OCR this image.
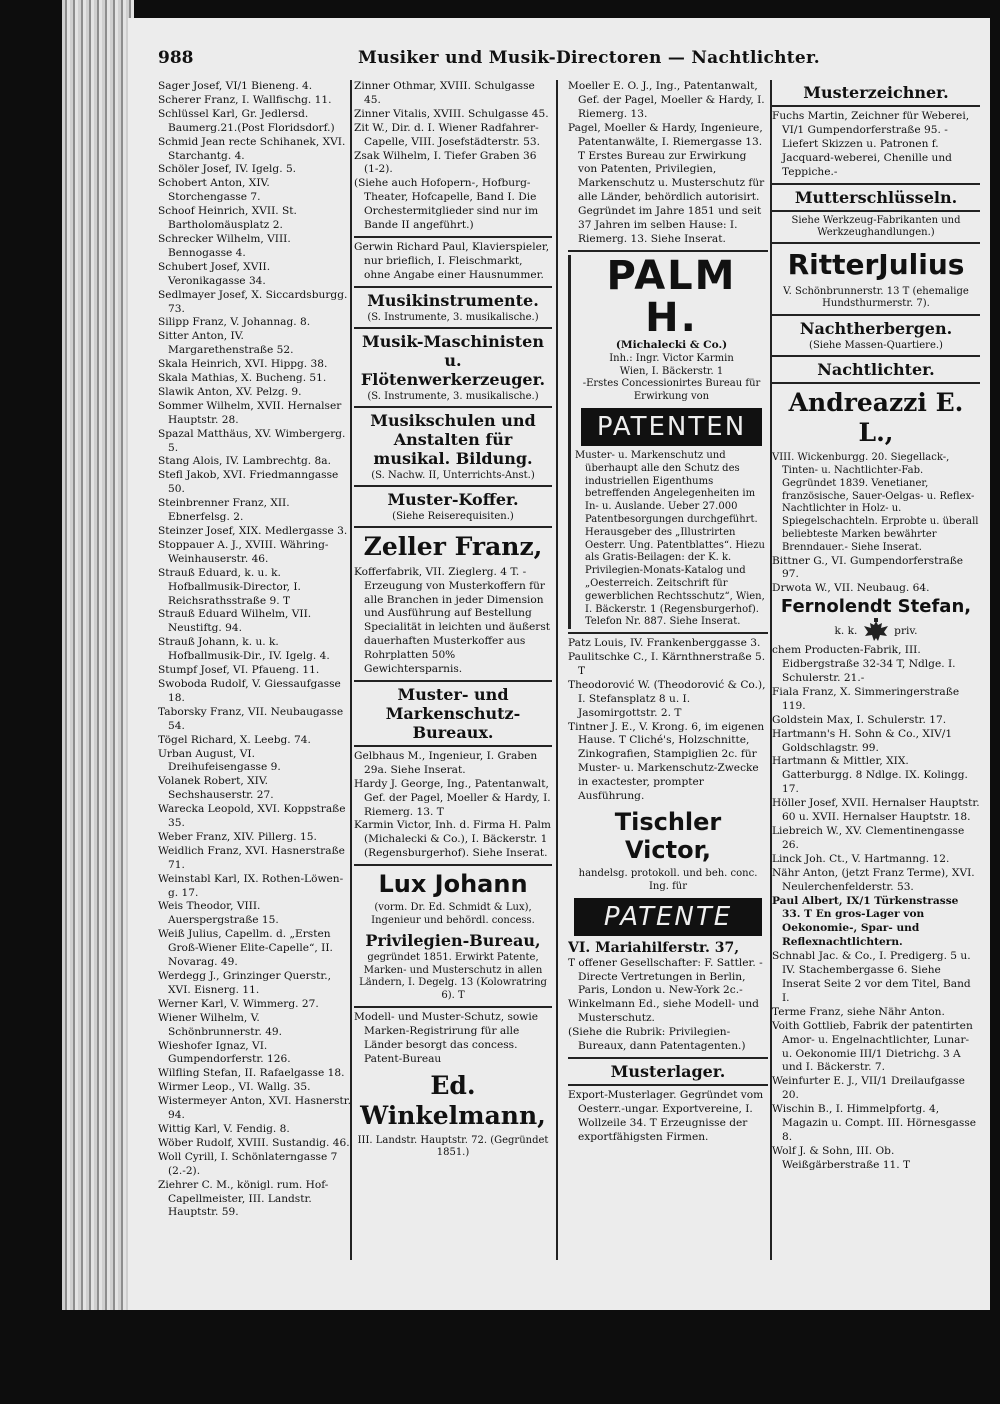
988	Musiker und Musik-Directoren — Nachtlichter.
Sager Josef, VI/1 Bieneng. 4.
Scherer Franz, I. Wallfischg. 11.
Schlüssel Karl, Gr. Jedlersd. Baumerg.21.(Post Floridsdorf.)
Schmid Jean recte Schihanek, XVI. Starchantg. 4.
Schöler Josef, IV. Igelg. 5.
Schobert Anton, XIV. Storchengasse 7.
Schoof Heinrich, XVII. St. Bartholomäusplatz 2.
Schrecker Wilhelm, VIII. Bennogasse 4.
Schubert Josef, XVII. Veronikagasse 34.
Sedlmayer Josef, X. Siccardsburgg. 73.
Silipp Franz, V. Johannag. 8.
Sitter Anton, IV. Margarethenstraße 52.
Skala Heinrich, XVI. Hippg. 38.
Skala Mathias, X. Bucheng. 51.
Slawik Anton, XV. Pelzg. 9.
Sommer Wilhelm, XVII. Hernalser Hauptstr. 28.
Spazal Matthäus, XV. Wimbergerg. 5.
Stang Alois, IV. Lambrechtg. 8a.
Stefl Jakob, XVI. Friedmanngasse 50.
Steinbrenner Franz, XII. Ebnerfelsg. 2.
Steinzer Josef, XIX. Medlergasse 3.
Stoppauer A. J., XVIII. Währing-Weinhauserstr. 46.
Strauß Eduard, k. u. k. Hofballmusik-Director, I. Reichsrathsstraße 9. T
Strauß Eduard Wilhelm, VII. Neustiftg. 94.
Strauß Johann, k. u. k. Hofballmusik-Dir., IV. Igelg. 4.
Stumpf Josef, VI. Pfaueng. 11.
Swoboda Rudolf, V. Giessaufgasse 18.
Taborsky Franz, VII. Neubaugasse 54.
Tögel Richard, X. Leebg. 74.
Urban August, VI. Dreihufeisengasse 9.
Volanek Robert, XIV. Sechshauserstr. 27.
Warecka Leopold, XVI. Koppstraße 35.
Weber Franz, XIV. Pillerg. 15.
Weidlich Franz, XVI. Hasnerstraße 71.
Weinstabl Karl, IX. Rothen-Löwen-g. 17.
Weis Theodor, VIII. Auerspergstraße 15.
Weiß Julius, Capellm. d. „Ersten Groß-Wiener Elite-Capelle“, II. Novarag. 49.
Werdegg J., Grinzinger Querstr., XVI. Eisnerg. 11.
Werner Karl, V. Wimmerg. 27.
Wiener Wilhelm, V. Schönbrunnerstr. 49.
Wieshofer Ignaz, VI. Gumpendorferstr. 126.
Wilfling Stefan, II. Rafaelgasse 18.
Wirmer Leop., VI. Wallg. 35.
Wistermeyer Anton, XVI. Hasnerstr. 94.
Wittig Karl, V. Fendig. 8.
Wöber Rudolf, XVIII. Sustandig. 46.
Woll Cyrill, I. Schönlaterngasse 7 (2.-2).
Ziehrer C. M., königl. rum. Hof-Capellmeister, III. Landstr. Hauptstr. 59.
Zinner Othmar, XVIII. Schulgasse 45.
Zinner Vitalis, XVIII. Schulgasse 45.
Zit W., Dir. d. I. Wiener Radfahrer-Capelle, VIII. Josefstädterstr. 53.
Zsak Wilhelm, I. Tiefer Graben 36 (1-2).
(Siehe auch Hofopern-, Hofburg-Theater, Hofcapelle, Band I. Die Orchestermitglieder sind nur im Bande II angeführt.)
Gerwin Richard Paul, Klavierspieler, nur brieflich, I. Fleischmarkt, ohne Angabe einer Hausnummer.
Musikinstrumente.
(S. Instrumente, 3. musikalische.)
Musik-Maschinisten u. Flötenwerkerzeuger.
(S. Instrumente, 3. musikalische.)
Musikschulen und Anstalten für musikal. Bildung.
(S. Nachw. II, Unterrichts-Anst.)
Muster-Koffer.
(Siehe Reiserequisiten.)
Zeller Franz,
Kofferfabrik, VII. Zieglerg. 4 T. -Erzeugung von Musterkoffern für alle Branchen in jeder Dimension und Ausführung auf Bestellung Specialität in leichten und äußerst dauerhaften Musterkoffer aus Rohrplatten 50% Gewichtersparnis.
Muster- und Markenschutz-Bureaux.
Gelbhaus M., Ingenieur, I. Graben 29a. Siehe Inserat.
Hardy J. George, Ing., Patentanwalt, Gef. der Pagel, Moeller & Hardy, I. Riemerg. 13. T
Karmin Victor, Inh. d. Firma H. Palm (Michalecki & Co.), I. Bäckerstr. 1 (Regensburgerhof). Siehe Inserat.
Lux Johann
(vorm. Dr. Ed. Schmidt & Lux), Ingenieur und behördl. concess.
Privilegien-Bureau,
gegründet 1851. Erwirkt Patente, Marken- und Musterschutz in allen Ländern, I. Degelg. 13 (Kolowratring 6). T
Modell- und Muster-Schutz, sowie Marken-Registrirung für alle Länder besorgt das concess. Patent-Bureau
Ed. Winkelmann,
III. Landstr. Hauptstr. 72. (Gegründet 1851.)
Moeller E. O. J., Ing., Patentanwalt, Gef. der Pagel, Moeller & Hardy, I. Riemerg. 13.
Pagel, Moeller & Hardy, Ingenieure, Patentanwälte, I. Riemergasse 13. T Erstes Bureau zur Erwirkung von Patenten, Privilegien, Markenschutz u. Musterschutz für alle Länder, behördlich autorisirt. Gegründet im Jahre 1851 und seit 37 Jahren im selben Hause: I. Riemerg. 13. Siehe Inserat.
PALM H.
(Michalecki & Co.)
Inh.: Ingr. Victor Karmin
Wien, I. Bäckerstr. 1
-Erstes Concessionirtes Bureau für Erwirkung von
PATENTEN
Muster- u. Markenschutz und überhaupt alle den Schutz des industriellen Eigenthums betreffenden Angelegenheiten im In- u. Auslande. Ueber 27.000 Patentbesorgungen durchgeführt. Herausgeber des „Illustrirten Oesterr. Ung. Patentblattes“. Hiezu als Gratis-Beilagen: der K. k. Privilegien-Monats-Katalog und „Oesterreich. Zeitschrift für gewerblichen Rechtsschutz“, Wien, I. Bäckerstr. 1 (Regensburgerhof). Telefon Nr. 887. Siehe Inserat.
Patz Louis, IV. Frankenberggasse 3.
Paulitschke C., I. Kärnthnerstraße 5. T
Theodorović W. (Theodorović & Co.), I. Stefansplatz 8 u. I. Jasomirgottstr. 2. T
Tintner J. E., V. Krong. 6, im eigenen Hause. T Cliché's, Holzschnitte, Zinkografien, Stampiglien 2c. für Muster- u. Markenschutz-Zwecke in exactester, prompter Ausführung.
Tischler Victor,
handelsg. protokoll. und beh. conc. Ing. für
PATENTE
VI. Mariahilferstr. 37,
T offener Gesellschafter: F. Sattler. -Directe Vertretungen in Berlin, Paris, London u. New-York 2c.-
Winkelmann Ed., siehe Modell- und Musterschutz.
(Siehe die Rubrik: Privilegien-Bureaux, dann Patentagenten.)
Musterlager.
Export-Musterlager. Gegründet vom Oesterr.-ungar. Exportvereine, I. Wollzeile 34. T Erzeugnisse der exportfähigsten Firmen.
Musterzeichner.
Fuchs Martin, Zeichner für Weberei, VI/1 Gumpendorferstraße 95. -Liefert Skizzen u. Patronen f. Jacquard-weberei, Chenille und Teppiche.-
Mutterschlüsseln.
Siehe Werkzeug-Fabrikanten und Werkzeughandlungen.)
RitterJulius
V. Schönbrunnerstr. 13 T (ehemalige Hundsthurmerstr. 7).
Nachtherbergen.
(Siehe Massen-Quartiere.)
Nachtlichter.
Andreazzi E. L.,
VIII. Wickenburgg. 20. Siegellack-, Tinten- u. Nachtlichter-Fab. Gegründet 1839. Venetianer, französische, Sauer-Oelgas- u. Reflex-Nachtlichter in Holz- u. Spiegelschachteln. Erprobte u. überall beliebteste Marken bewährter Brenndauer.- Siehe Inserat.
Bittner G., VI. Gumpendorferstraße 97.
Drwota W., VII. Neubaug. 64.
Fernolendt Stefan,
k. k.	priv.
chem Producten-Fabrik, III. Eidbergstraße 32-34 T, Ndlge. I. Schulerstr. 21.-
Fiala Franz, X. Simmeringerstraße 119.
Goldstein Max, I. Schulerstr. 17.
Hartmann's H. Sohn & Co., XIV/1 Goldschlagstr. 99.
Hartmann & Mittler, XIX. Gatterburgg. 8 Ndlge. IX. Kolingg. 17.
Höller Josef, XVII. Hernalser Hauptstr. 60 u. XVII. Hernalser Hauptstr. 18.
Liebreich W., XV. Clementinengasse 26.
Linck Joh. Ct., V. Hartmanng. 12.
Nähr Anton, (jetzt Franz Terme), XVI. Neulerchenfelderstr. 53.
Paul Albert, IX/1 Türkenstrasse 33. T En gros-Lager von Oekonomie-, Spar- und Reflexnachtlichtern.
Schnabl Jac. & Co., I. Predigerg. 5 u. IV. Stachembergasse 6. Siehe Inserat Seite 2 vor dem Titel, Band I.
Terme Franz, siehe Nähr Anton.
Voith Gottlieb, Fabrik der patentirten Amor- u. Engelnachtlichter, Lunar- u. Oekonomie III/1 Dietrichg. 3 A und I. Bäckerstr. 7.
Weinfurter E. J., VII/1 Dreilaufgasse 20.
Wischin B., I. Himmelpfortg. 4, Magazin u. Compt. III. Hörnesgasse 8.
Wolf J. & Sohn, III. Ob. Weißgärberstraße 11. T
